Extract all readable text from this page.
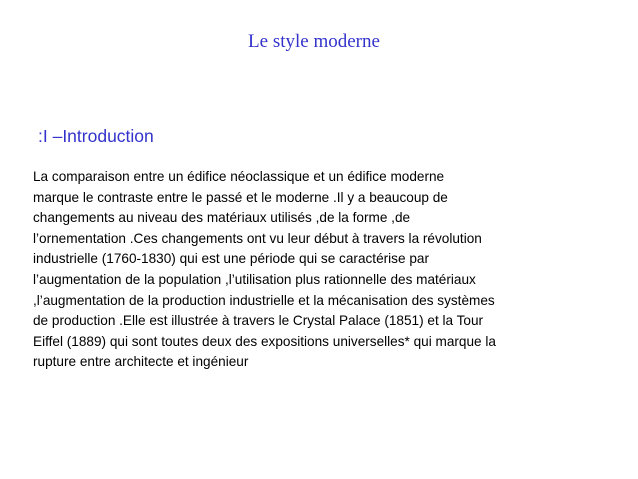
Le style moderne
:I –Introduction
La comparaison entre un édifice néoclassique et un édifice moderne
marque le contraste entre le passé et le moderne .Il y a beaucoup de
changements au niveau des matériaux utilisés ,de la forme ,de
l’ornementation .Ces changements ont vu leur début à travers la révolution
industrielle (1760-1830) qui est une période qui se caractérise par
l’augmentation de la population ,l’utilisation plus rationnelle des matériaux
,l’augmentation de la production industrielle et la mécanisation des systèmes
de production .Elle est illustrée à travers le Crystal Palace (1851) et la Tour
Eiffel (1889) qui sont toutes deux des expositions universelles* qui marque la
rupture entre architecte et ingénieur
